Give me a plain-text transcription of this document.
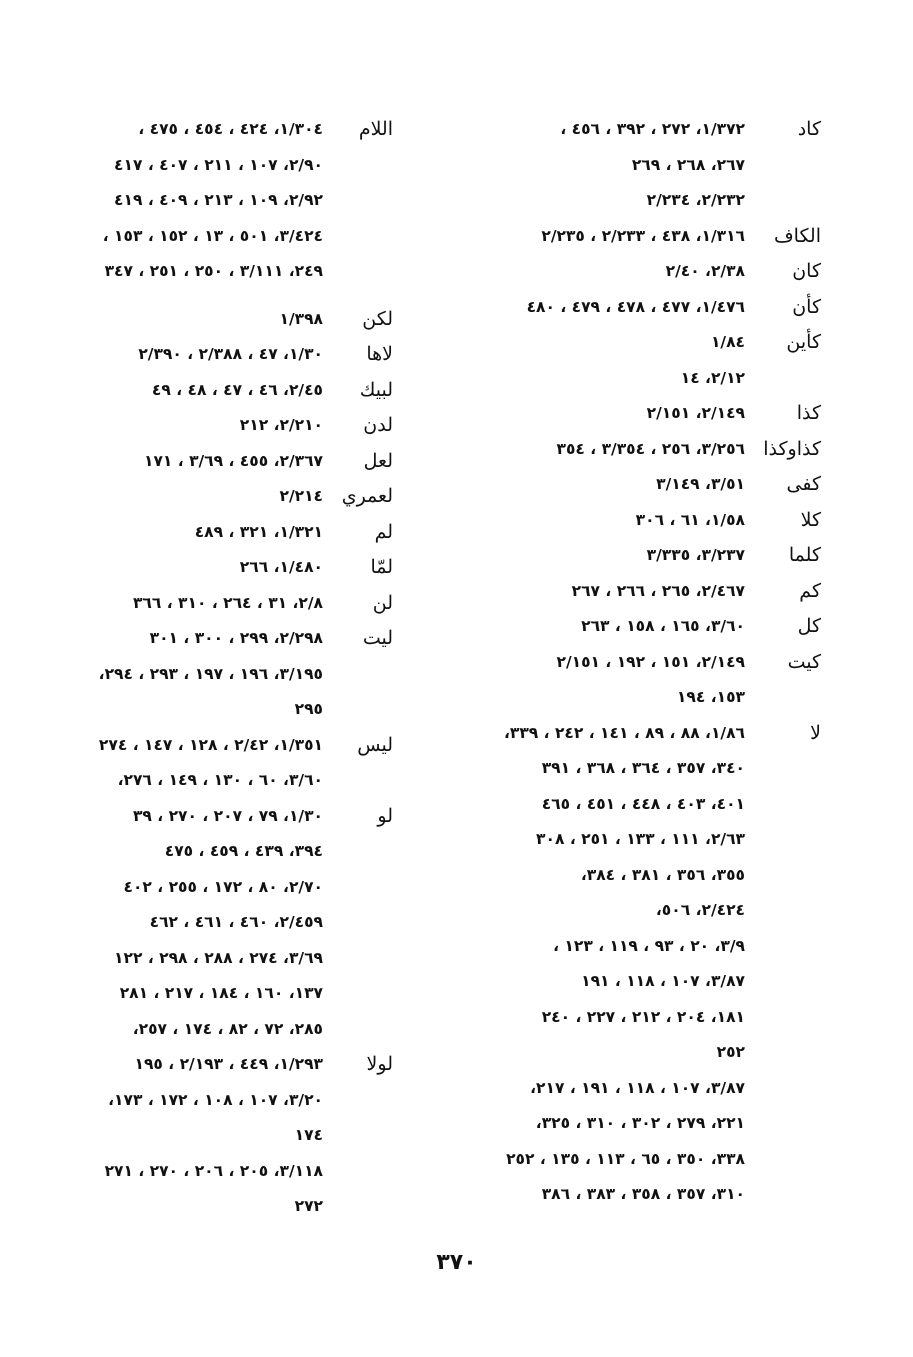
كاد
١/٣٧٢، ٢٧٢ ، ٣٩٢ ، ٤٥٦ ،
٢٦٧، ٢٦٨ ، ٢٦٩
٢/٢٣٢، ٢/٢٣٤
الكاف
١/٣١٦، ٤٣٨ ، ٢/٢٣٣ ، ٢/٢٣٥
كان
٢/٣٨، ٢/٤٠
كأن
١/٤٧٦، ٤٧٧ ، ٤٧٨ ، ٤٧٩ ، ٤٨٠
كأين
١/٨٤
٢/١٢، ١٤
كذا
٢/١٤٩، ٢/١٥١
كذاوكذا
٣/٢٥٦، ٢٥٦ ، ٣/٣٥٤ ، ٣٥٤
كفى
٣/٥١، ٣/١٤٩
كلا
١/٥٨، ٦١ ، ٣٠٦
كلما
٣/٢٣٧، ٣/٣٣٥
كم
٢/٤٦٧، ٢٦٥ ، ٢٦٦ ، ٢٦٧
كل
٣/٦٠، ١٦٥ ، ١٥٨ ، ٢٦٣
كيت
٢/١٤٩، ١٥١ ، ١٩٢ ، ٢/١٥١
١٥٣، ١٩٤
لا
١/٨٦، ٨٨ ، ٨٩ ، ١٤١ ، ٢٤٢ ، ٣٣٩،
٣٤٠، ٣٥٧ ، ٣٦٤ ، ٣٦٨ ، ٣٩١
٤٠١، ٤٠٣ ، ٤٤٨ ، ٤٥١ ، ٤٦٥
٢/٦٣، ١١١ ، ١٣٣ ، ٢٥١ ، ٣٠٨
٣٥٥، ٣٥٦ ، ٣٨١ ، ٣٨٤،
٢/٤٢٤، ٥٠٦،
٣/٩، ٢٠ ، ٩٣ ، ١١٩ ، ١٢٣ ،
٣/٨٧، ١٠٧ ، ١١٨ ، ١٩١
١٨١، ٢٠٤ ، ٢١٢ ، ٢٢٧ ، ٢٤٠
٢٥٢
٣/٨٧، ١٠٧ ، ١١٨ ، ١٩١ ، ٢١٧،
٢٢١، ٢٧٩ ، ٣٠٢ ، ٣١٠ ، ٣٢٥،
٣٣٨، ٣٥٠ ، ٦٥ ، ١١٣ ، ١٣٥ ، ٢٥٢
٣١٠، ٣٥٧ ، ٣٥٨ ، ٣٨٣ ، ٣٨٦
اللام
١/٣٠٤، ٤٢٤ ، ٤٥٤ ، ٤٧٥ ،
٢/٩٠، ١٠٧ ، ٢١١ ، ٤٠٧ ، ٤١٧
٢/٩٢، ١٠٩ ، ٢١٣ ، ٤٠٩ ، ٤١٩
٣/٤٢٤، ٥٠١ ، ١٣ ، ١٥٢ ، ١٥٣ ،
٢٤٩، ٣/١١١ ، ٢٥٠ ، ٢٥١ ، ٣٤٧
لكن
١/٣٩٨
لاها
١/٣٠، ٤٧ ، ٢/٣٨٨ ، ٢/٣٩٠
لبيك
٢/٤٥، ٤٦ ، ٤٧ ، ٤٨ ، ٤٩
لدن
٢/٢١٠، ٢١٢
لعل
٢/٣٦٧، ٤٥٥ ، ٣/٦٩ ، ١٧١
لعمري
٢/٢١٤
لم
١/٣٢١، ٣٢١ ، ٤٨٩
لمّا
١/٤٨٠، ٢٦٦
لن
٢/٨، ٣١ ، ٢٦٤ ، ٣١٠ ، ٣٦٦
ليت
٢/٢٩٨، ٢٩٩ ، ٣٠٠ ، ٣٠١
٣/١٩٥، ١٩٦ ، ١٩٧ ، ٢٩٣ ، ٢٩٤،
٢٩٥
ليس
١/٣٥١، ٢/٤٢ ، ١٢٨ ، ١٤٧ ، ٢٧٤
٣/٦٠، ٦٠ ، ١٣٠ ، ١٤٩ ، ٢٧٦،
لو
١/٣٠، ٧٩ ، ٢٠٧ ، ٢٧٠ ، ٣٩
٣٩٤، ٤٣٩ ، ٤٥٩ ، ٤٧٥
٢/٧٠، ٨٠ ، ١٧٢ ، ٢٥٥ ، ٤٠٢
٢/٤٥٩، ٤٦٠ ، ٤٦١ ، ٤٦٢
٣/٦٩، ٢٧٤ ، ٢٨٨ ، ٢٩٨ ، ١٢٢
١٣٧، ١٦٠ ، ١٨٤ ، ٢١٧ ، ٢٨١
٢٨٥، ٧٢ ، ٨٢ ، ١٧٤ ، ٢٥٧،
لولا
١/٢٩٣، ٤٤٩ ، ٢/١٩٣ ، ١٩٥
٣/٢٠، ١٠٧ ، ١٠٨ ، ١٧٢ ، ١٧٣،
١٧٤
٣/١١٨، ٢٠٥ ، ٢٠٦ ، ٢٧٠ ، ٢٧١
٢٧٢
٣٧٠
